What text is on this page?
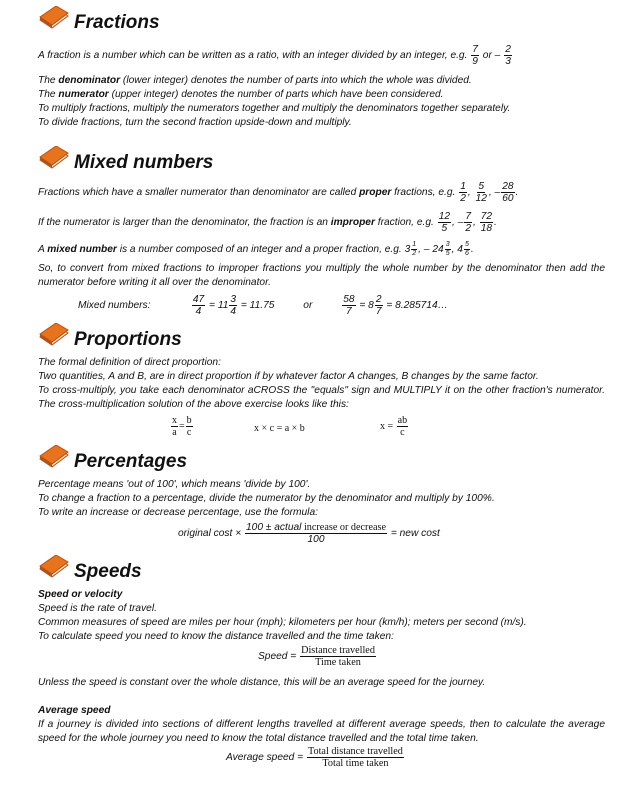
Fractions
A fraction is a number which can be written as a ratio, with an integer divided by an integer, e.g. $\frac{7}{9}$ or – $\frac{2}{3}$

The denominator (lower integer) denotes the number of parts into which the whole was divided.

The numerator (upper integer) denotes the number of parts which have been considered.

To multiply fractions, multiply the numerators together and multiply the denominators together separately.

To divide fractions, turn the second fraction upside-down and multiply.

Mixed numbers
Fractions which have a smaller numerator than denominator are called proper fractions, e.g. $\frac{1}{2}$ , $\frac{5}{12}$ , – $\frac{28}{60}$ .
If the numerator is larger than the denominator, the fraction is an improper fraction, e.g. $\frac{12}{5}$ , – $\frac{7}{2}$ , $\frac{72}{18}$ .
A mixed number is a number composed of an integer and a proper fraction, e.g. $3 \frac{1}{2}$ , – $24 \frac{3}{5}$ , $4 \frac{5}{6}$ .

So, to convert from mixed fractions to improper fractions you multiply the whole number by the denominator then add the numerator before writing it all over the denominator.

Mixed numbers:	$\frac{47}{4} = 11 \frac{3}{4} = 11.75$	or	$\frac{58}{7} = 8 \frac{2}{7}$ = 8.285714…
Proportions

The formal definition of direct proportion:

Two quantities, A and B, are in direct proportion if by whatever factor A changes, B changes by the same factor.

To cross-multiply, you take each denominator aCROSS the "equals" sign and MULTIPLY it on the other fraction's numerator. The cross-multiplication solution of the above exercise looks like this:

$\frac{x}{a} = \frac{b}{c}$	x × c = a × b	$x = \frac{ab}{c}$
Percentages

Percentage means 'out of 100', which means 'divide by 100'.

To change a fraction to a percentage, divide the numerator by the denominator and multiply by 100%.

To write an increase or decrease percentage, use the formula:

original $\cos t \times \frac{\text{100 ± actual increase or decrease}}{100}$ = new cost
Speeds

Speed or velocity

Speed is the rate of travel.

Common measures of speed are miles per hour (mph); kilometers per hour (km/h); meters per second (m/s).

To calculate speed you need to know the distance travelled and the time taken:

Speed = $\frac{\text{Distance travelled}}{\text{Time taken}}$

Unless the speed is constant over the whole distance, this will be an average speed for the journey.

Average speed

If a journey is divided into sections of different lengths travelled at different average speeds, then to calculate the average speed for the whole journey you need to know the total distance travelled and the total time taken.

Average speed = $\frac{\text{Total distance travelled}}{\text{Total time taken}}$
